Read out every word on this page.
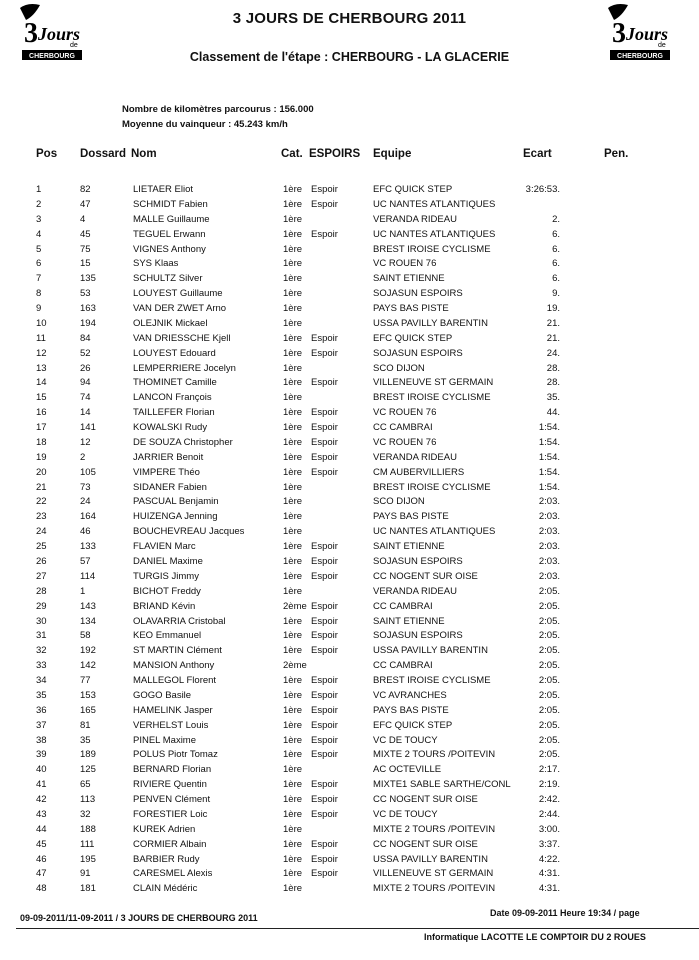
3 Jours
de
CHERBOURG
3 Jours
de
CHERBOURG
3 JOURS DE CHERBOURG 2011
Classement de l'étape : CHERBOURG - LA GLACERIE
Nombre de kilomètres parcourus : 156.000
Moyenne du vainqueur : 45.243 km/h
Pos Dossard Nom	Cat. ESPOIRS Equipe	Ecart	Pen.
1	82	LIETAER Eliot	1ère Espoir	EFC QUICK STEP	3:26:53.
2	47	SCHMIDT Fabien	1ère Espoir	UC NANTES ATLANTIQUES
3	4	MALLE Guillaume	1ère	VERANDA RIDEAU	2.
4	45	TEGUEL Erwann	1ère Espoir	UC NANTES ATLANTIQUES	6.
5	75	VIGNES Anthony	1ère	BREST IROISE CYCLISME	6.
6	15	SYS Klaas	1ère	VC ROUEN 76	6.
7	135	SCHULTZ Silver	1ère	SAINT ETIENNE	6.
8	53	LOUYEST Guillaume	1ère	SOJASUN ESPOIRS	9.
9	163	VAN DER ZWET Arno	1ère	PAYS BAS PISTE	19.
10	194	OLEJNIK Mickael	1ère	USSA PAVILLY BARENTIN	21.
11	84	VAN DRIESSCHE Kjell	1ère Espoir	EFC QUICK STEP	21.
12	52	LOUYEST Edouard	1ère Espoir	SOJASUN ESPOIRS	24.
13	26	LEMPERRIERE Jocelyn	1ère	SCO DIJON	28.
14	94	THOMINET Camille	1ère Espoir	VILLENEUVE ST GERMAIN	28.
15	74	LANCON François	1ère	BREST IROISE CYCLISME	35.
16	14	TAILLEFER Florian	1ère Espoir	VC ROUEN 76	44.
17	141	KOWALSKI Rudy	1ère Espoir	CC CAMBRAI	1:54.
18	12	DE SOUZA Christopher	1ère Espoir	VC ROUEN 76	1:54.
19	2	JARRIER Benoit	1ère Espoir	VERANDA RIDEAU	1:54.
20	105	VIMPERE Théo	1ère Espoir	CM AUBERVILLIERS	1:54.
21	73	SIDANER Fabien	1ère	BREST IROISE CYCLISME	1:54.
22	24	PASCUAL Benjamin	1ère	SCO DIJON	2:03.
23	164	HUIZENGA Jenning	1ère	PAYS BAS PISTE	2:03.
24	46	BOUCHEVREAU Jacques	1ère	UC NANTES ATLANTIQUES	2:03.
25	133	FLAVIEN Marc	1ère Espoir	SAINT ETIENNE	2:03.
26	57	DANIEL Maxime	1ère Espoir	SOJASUN ESPOIRS	2:03.
27	114	TURGIS Jimmy	1ère Espoir	CC NOGENT SUR OISE	2:03.
28	1	BICHOT Freddy	1ère	VERANDA RIDEAU	2:05.
29	143	BRIAND Kévin	2ème Espoir	CC CAMBRAI	2:05.
30	134	OLAVARRIA Cristobal	1ère Espoir	SAINT ETIENNE	2:05.
31	58	KEO Emmanuel	1ère Espoir	SOJASUN ESPOIRS	2:05.
32	192	ST MARTIN Clément	1ère Espoir	USSA PAVILLY BARENTIN	2:05.
33	142	MANSION Anthony	2ème	CC CAMBRAI	2:05.
34	77	MALLEGOL Florent	1ère Espoir	BREST IROISE CYCLISME	2:05.
35	153	GOGO Basile	1ère Espoir	VC AVRANCHES	2:05.
36	165	HAMELINK Jasper	1ère Espoir	PAYS BAS PISTE	2:05.
37	81	VERHELST Louis	1ère Espoir	EFC QUICK STEP	2:05.
38	35	PINEL Maxime	1ère Espoir	VC DE TOUCY	2:05.
39	189	POLUS Piotr Tomaz	1ère Espoir	MIXTE 2 TOURS /POITEVIN	2:05.
40	125	BERNARD Florian	1ère	AC OCTEVILLE	2:17.
41	65	RIVIERE Quentin	1ère Espoir	MIXTE1 SABLE SARTHE/CONL	2:19.
42	113	PENVEN Clément	1ère Espoir	CC NOGENT SUR OISE	2:42.
43	32	FORESTIER Loic	1ère Espoir	VC DE TOUCY	2:44.
44	188	KUREK Adrien	1ère	MIXTE 2 TOURS /POITEVIN	3:00.
45	111	CORMIER Albain	1ère Espoir	CC NOGENT SUR OISE	3:37.
46	195	BARBIER Rudy	1ère Espoir	USSA PAVILLY BARENTIN	4:22.
47	91	CARESMEL Alexis	1ère Espoir	VILLENEUVE ST GERMAIN	4:31.
48	181	CLAIN Médéric	1ère	MIXTE 2 TOURS /POITEVIN	4:31.
Date 09-09-2011 Heure 19:34 / page
09-09-2011/11-09-2011 / 3 JOURS DE CHERBOURG 2011
Informatique LACOTTE LE COMPTOIR DU 2 ROUES
